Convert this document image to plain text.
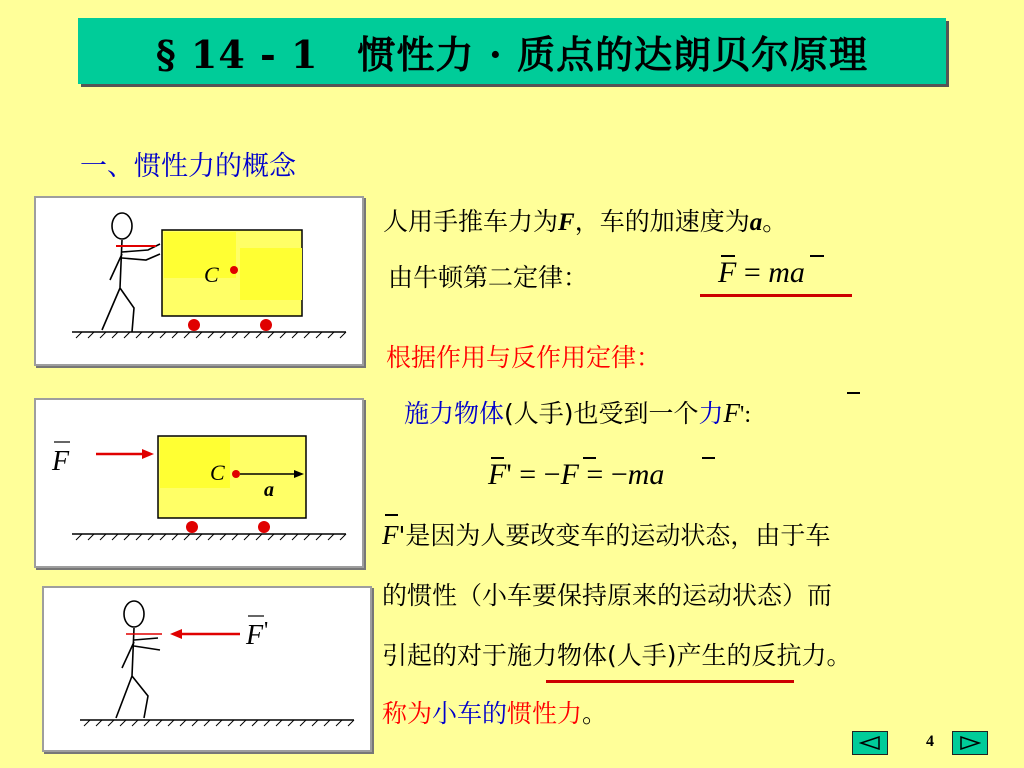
§ 14 - 1　惯性力 · 质点的达朗贝尔原理
一、惯性力的概念
C
F	C
a
F '
人用手推车力为F，车的加速度为a。
由牛顿第二定律：	F = ma
根据作用与反作用定律：
施力物体(人手)也受到一个力F':
F' = −F = −ma
F'是因为人要改变车的运动状态，由于车
的惯性（小车要保持原来的运动状态）而
引起的对于施力物体(人手)产生的反抗力。
称为小车的惯性力。
4
